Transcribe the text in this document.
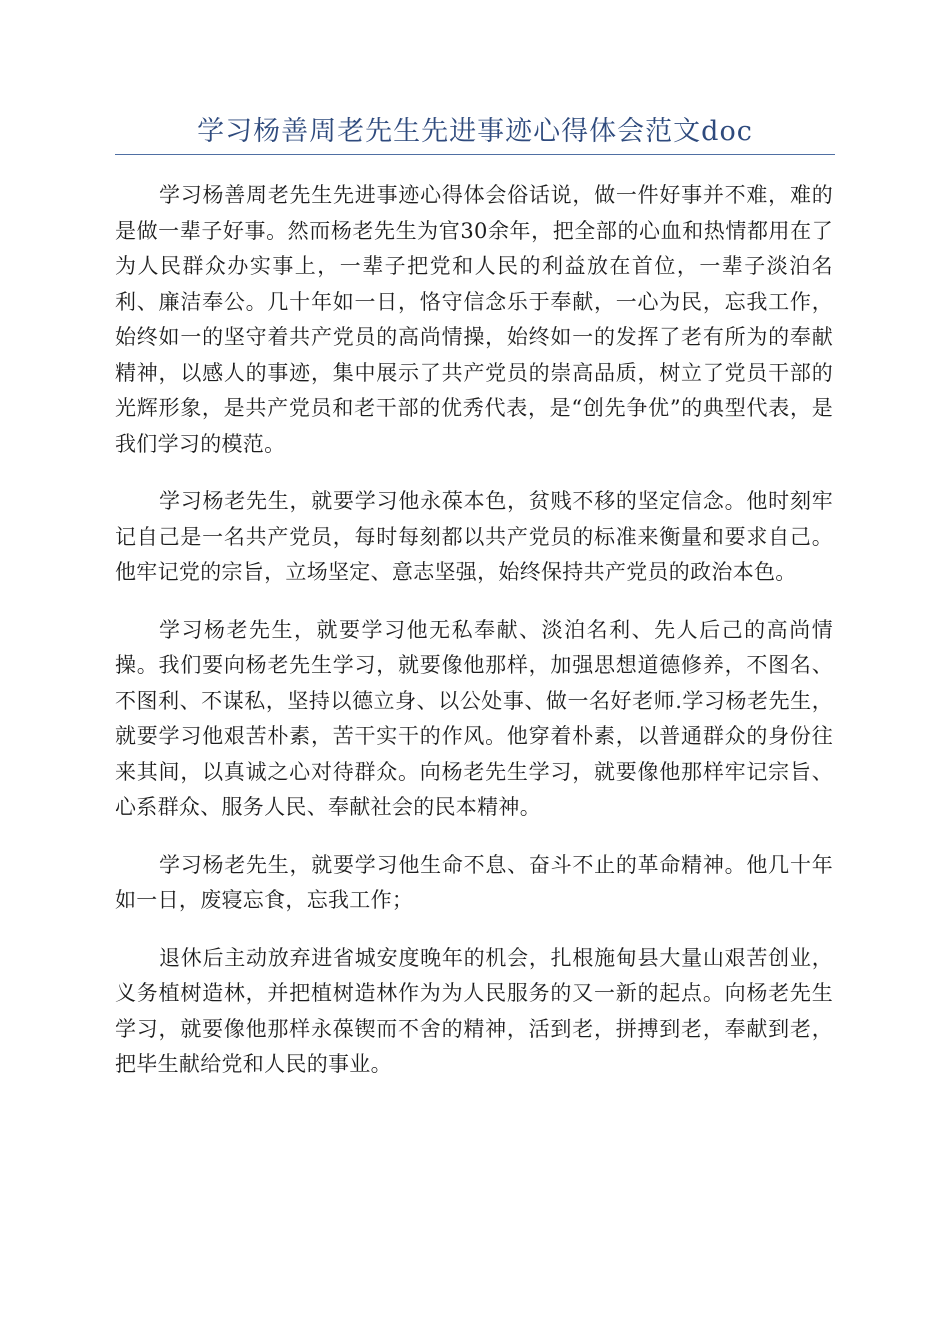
学习杨善周老先生先进事迹心得体会范文doc

学习杨善周老先生先进事迹心得体会俗话说，做一件好事并不难，难的是做一辈子好事。然而杨老先生为官30余年，把全部的心血和热情都用在了为人民群众办实事上，一辈子把党和人民的利益放在首位，一辈子淡泊名利、廉洁奉公。几十年如一日，恪守信念乐于奉献，一心为民，忘我工作，始终如一的坚守着共产党员的高尚情操，始终如一的发挥了老有所为的奉献精神，以感人的事迹，集中展示了共产党员的崇高品质，树立了党员干部的光辉形象，是共产党员和老干部的优秀代表，是“创先争优”的典型代表，是我们学习的模范。

学习杨老先生，就要学习他永葆本色，贫贱不移的坚定信念。他时刻牢记自己是一名共产党员，每时每刻都以共产党员的标准来衡量和要求自己。他牢记党的宗旨，立场坚定、意志坚强，始终保持共产党员的政治本色。

学习杨老先生，就要学习他无私奉献、淡泊名利、先人后己的高尚情操。我们要向杨老先生学习，就要像他那样，加强思想道德修养，不图名、不图利、不谋私，坚持以德立身、以公处事、做一名好老师.学习杨老先生，就要学习他艰苦朴素，苦干实干的作风。他穿着朴素，以普通群众的身份往来其间，以真诚之心对待群众。向杨老先生学习，就要像他那样牢记宗旨、心系群众、服务人民、奉献社会的民本精神。

学习杨老先生，就要学习他生命不息、奋斗不止的革命精神。他几十年如一日，废寝忘食，忘我工作；

退休后主动放弃进省城安度晚年的机会，扎根施甸县大量山艰苦创业，义务植树造林，并把植树造林作为为人民服务的又一新的起点。向杨老先生学习，就要像他那样永葆锲而不舍的精神，活到老，拼搏到老，奉献到老，把毕生献给党和人民的事业。
